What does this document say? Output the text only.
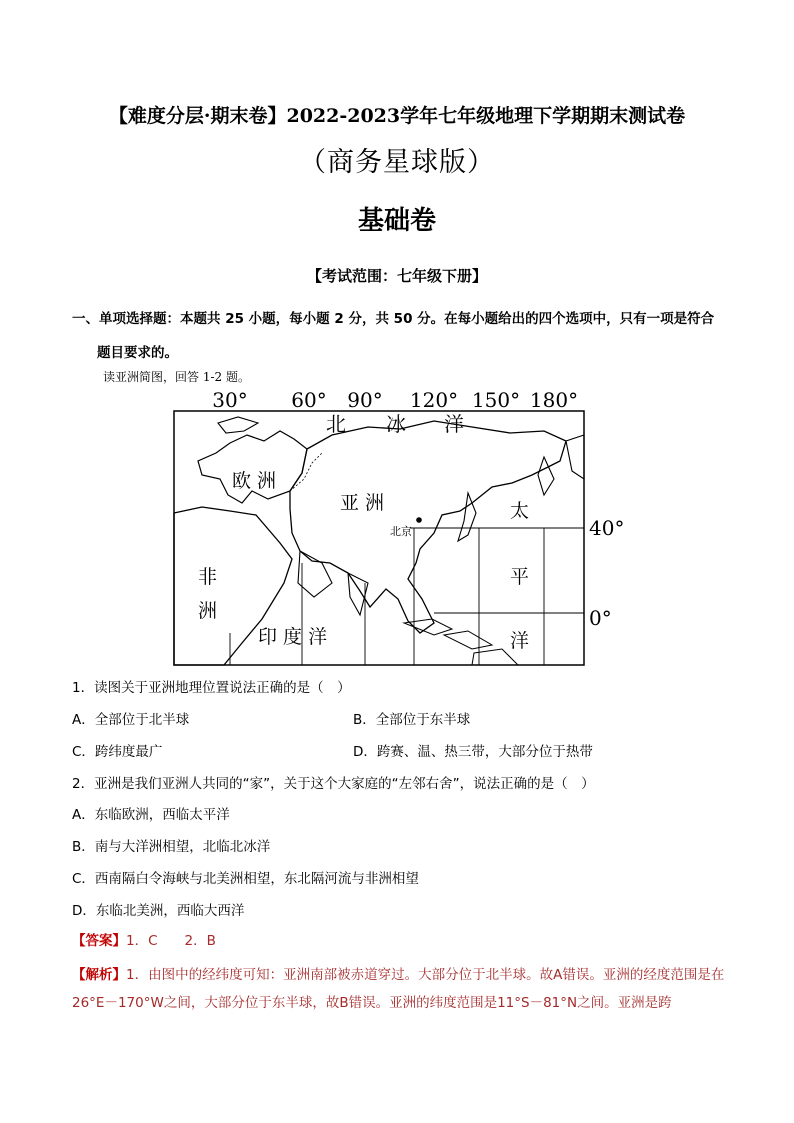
【难度分层·期末卷】2022-2023学年七年级地理下学期期末测试卷
（商务星球版）
基础卷
【考试范围：七年级下册】
一、单项选择题：本题共 25 小题，每小题 2 分，共 50 分。在每小题给出的四个选项中，只有一项是符合
题目要求的。
读亚洲简图，回答 1-2 题。
30° 60° 90° 120° 150° 180°
北 冰 洋
欧 洲
亚 洲
北京
非
洲
印 度 洋
太
平
洋
40°
0°
1．读图关于亚洲地理位置说法正确的是（　）
A．全部位于北半球	B．全部位于东半球
C．跨纬度最广	D．跨赛、温、热三带，大部分位于热带
2．亚洲是我们亚洲人共同的“家”，关于这个大家庭的“左邻右舍”，说法正确的是（　）
A．东临欧洲，西临太平洋
B．南与大洋洲相望，北临北冰洋
C．西南隔白令海峡与北美洲相望，东北隔河流与非洲相望
D．东临北美洲，西临大西洋
【答案】1．C　　2．B
【解析】1．由图中的经纬度可知：亚洲南部被赤道穿过。大部分位于北半球。故A错误。亚洲的经度范围是在26°E－170°W之间，大部分位于东半球，故B错误。亚洲的纬度范围是11°S－81°N之间。亚洲是跨
